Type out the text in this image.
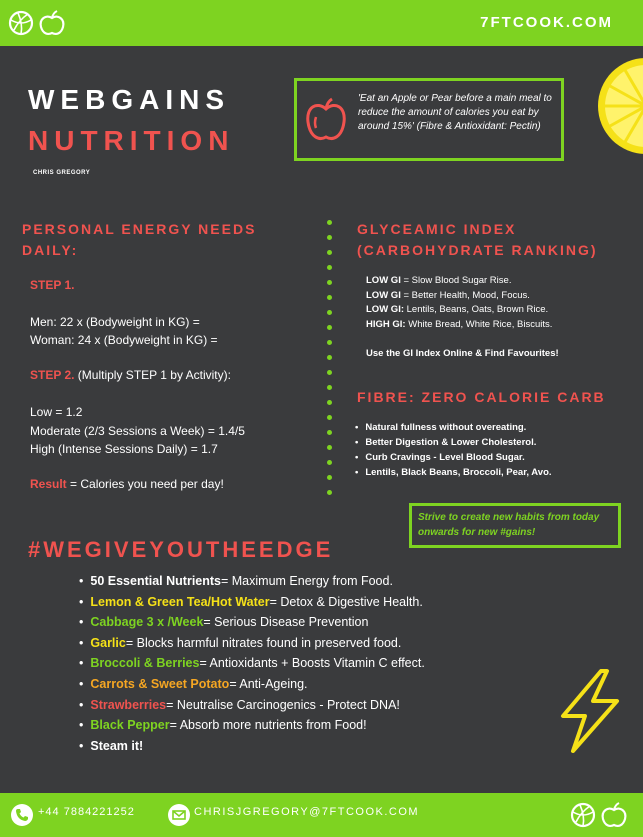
7FTCOOK.COM
WEBGAINS
NUTRITION
CHRIS GREGORY
'Eat an Apple or Pear before a main meal to reduce the amount of calories you eat by around 15%' (Fibre & Antioxidant: Pectin)
PERSONAL ENERGY NEEDS
DAILY:
STEP 1.
Men: 22 x (Bodyweight in KG) =
Woman: 24 x (Bodyweight in KG) =
STEP 2. (Multiply STEP 1 by Activity):
Low = 1.2
Moderate (2/3 Sessions a Week) = 1.4/5
High (Intense Sessions Daily) = 1.7
Result = Calories you need per day!
GLYCEAMIC INDEX
(CARBOHYDRATE RANKING)
LOW GI = Slow Blood Sugar Rise.
LOW GI = Better Health, Mood, Focus.
LOW GI: Lentils, Beans, Oats, Brown Rice.
HIGH GI: White Bread, White Rice, Biscuits.
Use the GI Index Online & Find Favourites!
FIBRE: ZERO CALORIE CARB
• Natural fullness without overeating.
• Better Digestion & Lower Cholesterol.
• Curb Cravings - Level Blood Sugar.
• Lentils, Black Beans, Broccoli, Pear, Avo.
Strive to create new habits from today onwards for new #gains!
#WEGIVEYOUTHEEDGE
• 50 Essential Nutrients= Maximum Energy from Food.
• Lemon & Green Tea/Hot Water= Detox & Digestive Health.
• Cabbage 3 x /Week= Serious Disease Prevention
• Garlic= Blocks harmful nitrates found in preserved food.
• Broccoli & Berries= Antioxidants + Boosts Vitamin C effect.
• Carrots & Sweet Potato= Anti-Ageing.
• Strawberries= Neutralise Carcinogenics - Protect DNA!
• Black Pepper= Absorb more nutrients from Food!
• Steam it!
+44 7884221252	CHRISJGREGORY@7FTCOOK.COM
